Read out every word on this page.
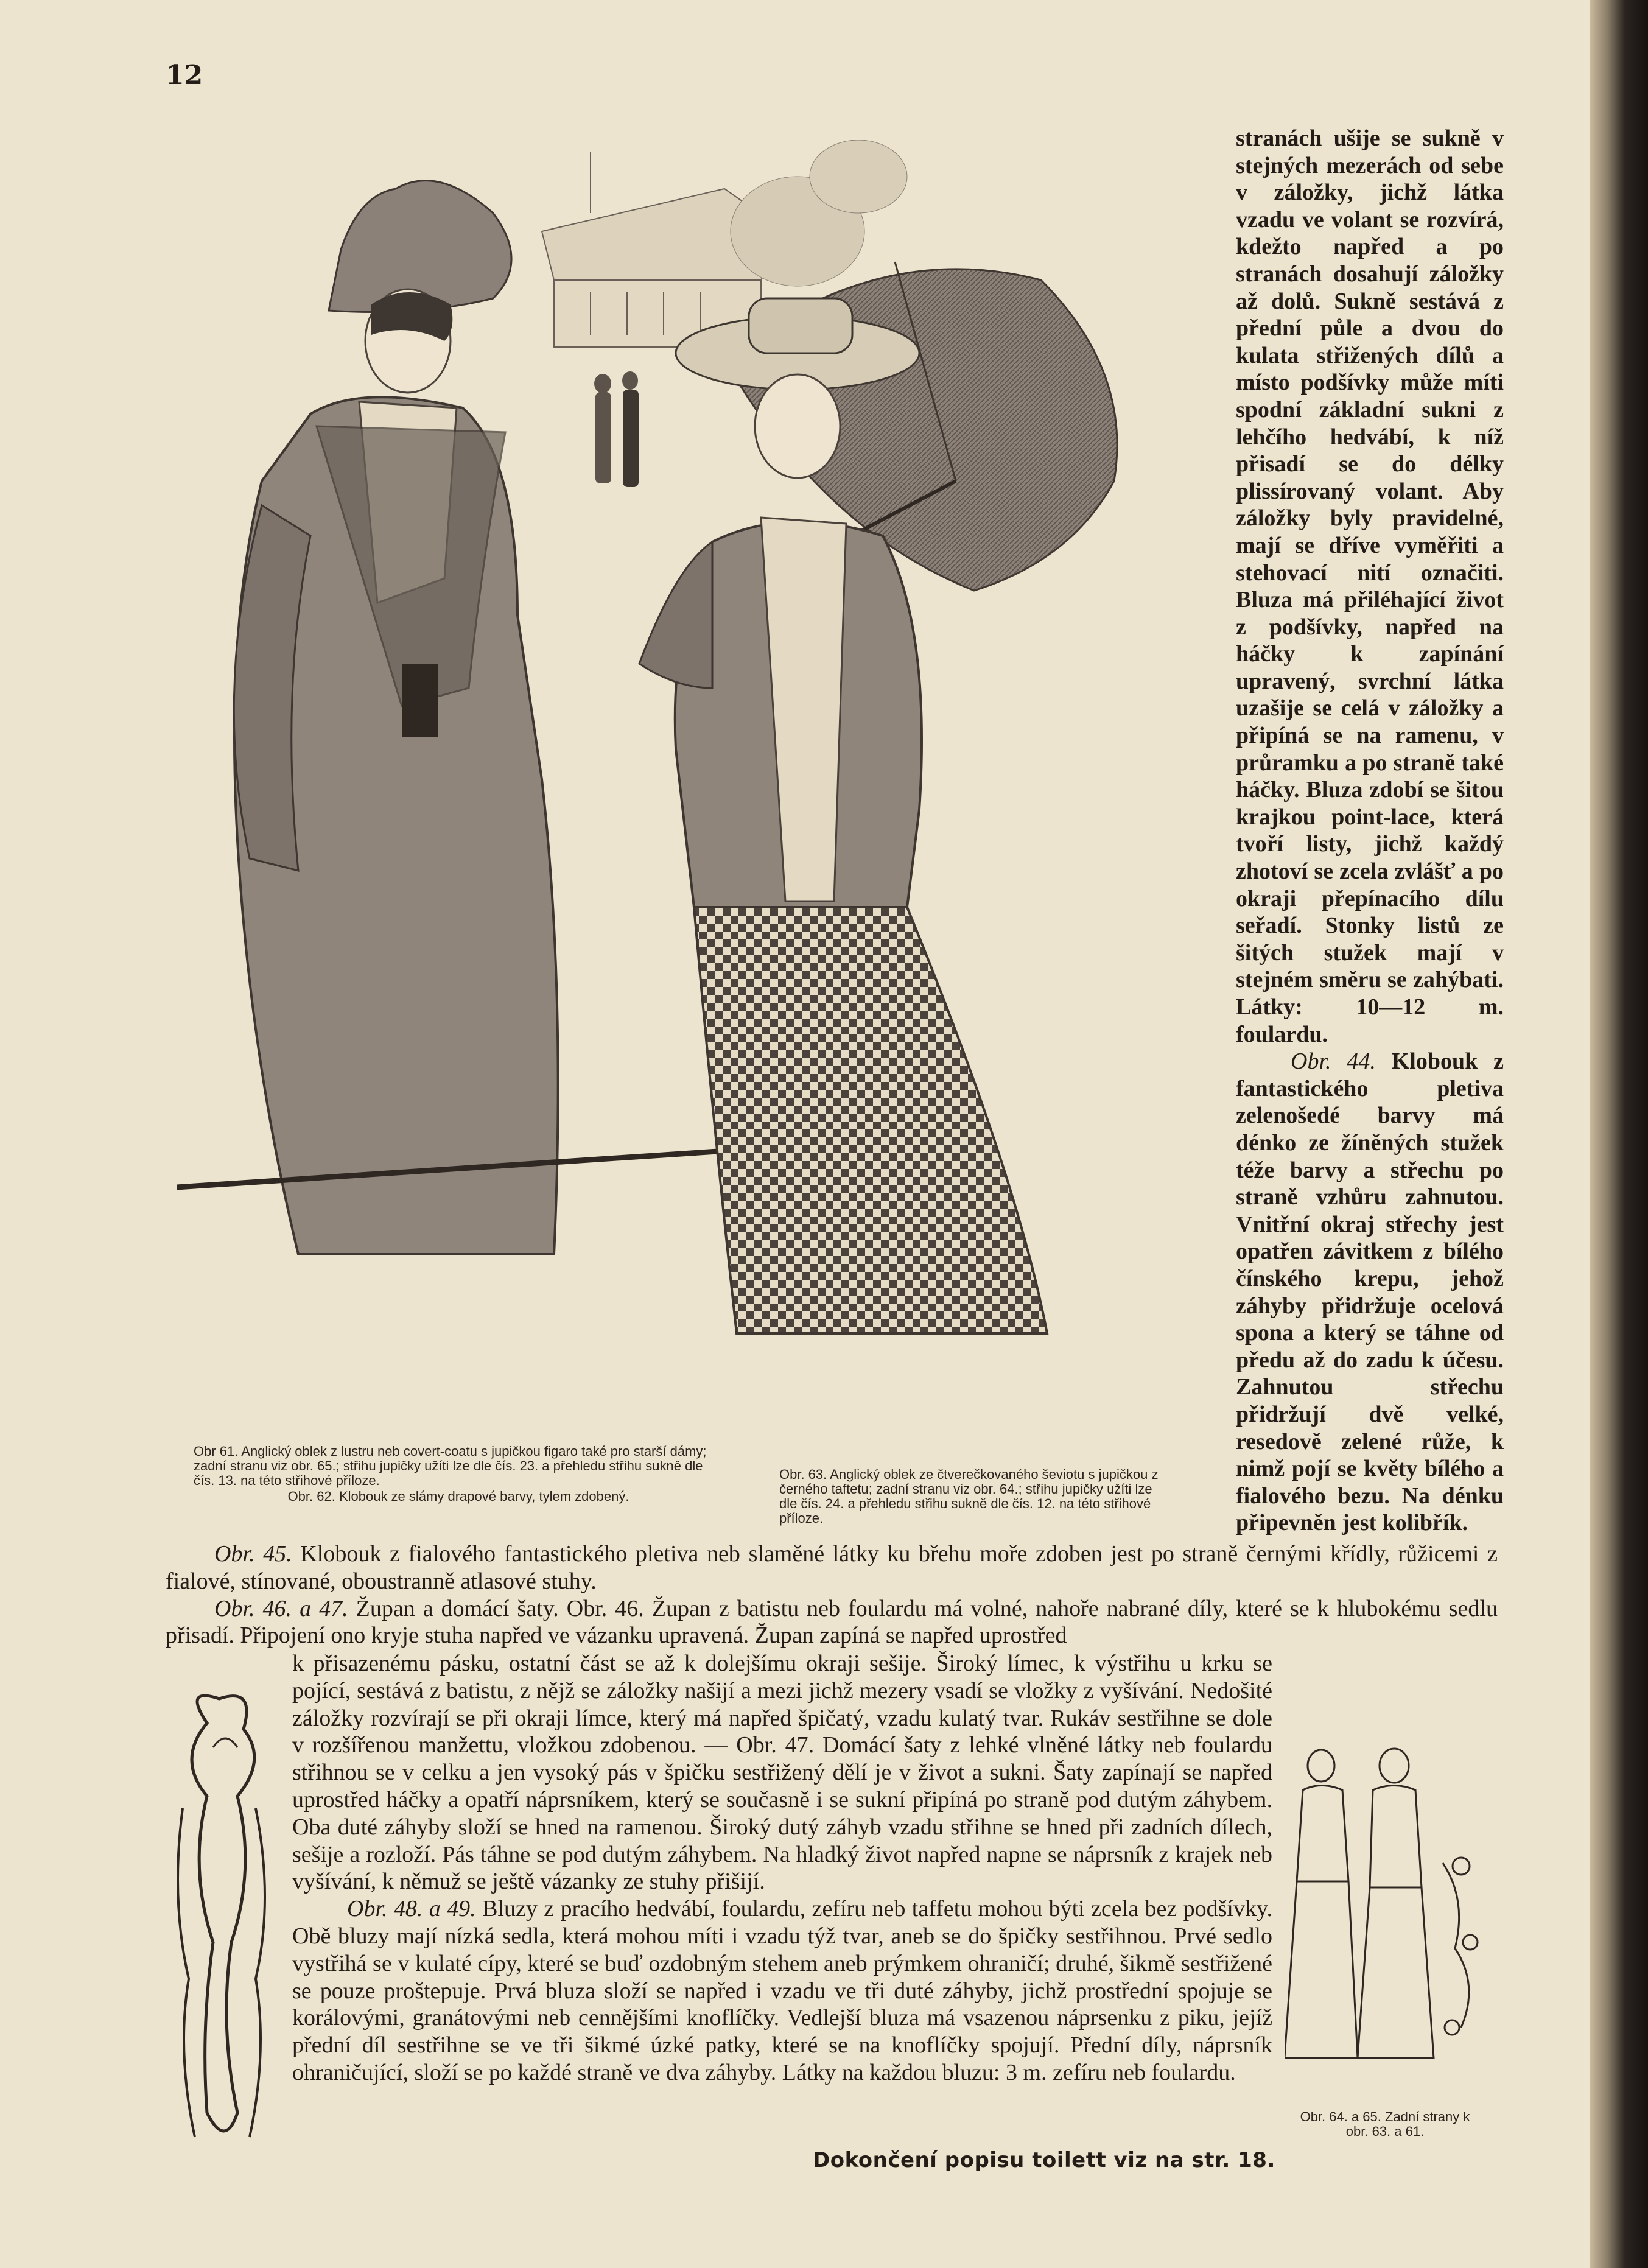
12

stranách ušije se sukně v stejných mezerách od sebe v záložky, jichž látka vzadu ve volant se rozvírá, kdežto napřed a po stranách dosahují záložky až dolů. Sukně sestává z přední půle a dvou do kulata střižených dílů a místo podšívky může míti spodní základní sukni z lehčího hedvábí, k níž přisadí se do délky plissírovaný volant. Aby záložky byly pravidelné, mají se dříve vyměřiti a stehovací nití označiti. Bluza má přiléhající život z podšívky, napřed na háčky k zapínání upravený, svrchní látka uzašije se celá v záložky a připíná se na ramenu, v průramku a po straně také háčky. Bluza zdobí se šitou krajkou point-lace, která tvoří listy, jichž každý zhotoví se zcela zvlášť a po okraji přepínacího dílu seřadí. Stonky listů ze šitých stužek mají v stejném směru se zahýbati. Látky: 10—12 m. foulardu.

Obr. 44. Klobouk z fantastického pletiva zelenošedé barvy má dénko ze žíněných stužek téže barvy a střechu po straně vzhůru zahnutou. Vnitřní okraj střechy jest opatřen závitkem z bílého čínského krepu, jehož záhyby přidržuje ocelová spona a který se táhne od předu až do zadu k účesu. Zahnutou střechu přidržují dvě velké, resedově zelené růže, k nimž pojí se květy bílého a fialového bezu. Na dénku připevněn jest kolibřík.

Obr 61. Anglický oblek z lustru neb covert-coatu s jupičkou figaro také pro starší dámy; zadní stranu viz obr. 65.; střihu jupičky užíti lze dle čís. 23. a přehledu střihu sukně dle čís. 13. na této střihové příloze.
Obr. 62. Klobouk ze slámy drapové barvy, tylem zdobený.
Obr. 63. Anglický oblek ze čtverečkovaného ševiotu s jupičkou z černého taftetu; zadní stranu viz obr. 64.; střihu jupičky užíti lze dle čís. 24. a přehledu střihu sukně dle čís. 12. na této střihové příloze.

Obr. 45. Klobouk z fialového fantastického pletiva neb slaměné látky ku břehu moře zdoben jest po straně černými křídly, růžicemi z fialové, stínované, oboustranně atlasové stuhy.

Obr. 46. a 47. Župan a domácí šaty. Obr. 46. Župan z batistu neb foulardu má volné, nahoře nabrané díly, které se k hlubokému sedlu přisadí. Připojení ono kryje stuha napřed ve vázanku upravená. Župan zapíná se napřed uprostřed

k přisazenému pásku, ostatní část se až k dolejšímu okraji sešije. Široký límec, k výstřihu u krku se pojící, sestává z batistu, z nějž se záložky našijí a mezi jichž mezery vsadí se vložky z vyšívání. Nedošité záložky rozvírají se při okraji límce, který má napřed špičatý, vzadu kulatý tvar. Rukáv sestřihne se dole v rozšířenou manžettu, vložkou zdobenou. — Obr. 47. Domácí šaty z lehké vlněné látky neb foulardu střihnou se v celku a jen vysoký pás v špičku sestřižený dělí je v život a sukni. Šaty zapínají se napřed uprostřed háčky a opatří náprsníkem, který se současně i se sukní připíná po straně pod dutým záhybem. Oba duté záhyby složí se hned na ramenou. Široký dutý záhyb vzadu střihne se hned při zadních dílech, sešije a rozloží. Pás táhne se pod dutým záhybem. Na hladký život napřed napne se náprsník z krajek neb vyšívání, k němuž se ještě vázanky ze stuhy přišijí.

Obr. 48. a 49. Bluzy z pracího hedvábí, foulardu, zefíru neb taffetu mohou býti zcela bez podšívky. Obě bluzy mají nízká sedla, která mohou míti i vzadu týž tvar, aneb se do špičky sestřihnou. Prvé sedlo vystřihá se v kulaté cípy, které se buď ozdobným stehem aneb prýmkem ohraničí; druhé, šikmě sestřižené se pouze proštepuje. Prvá bluza složí se napřed i vzadu ve tři duté záhyby, jichž prostřední spojuje se korálovými, granátovými neb cennějšími knoflíčky. Vedlejší bluza má vsazenou náprsenku z piku, jejíž přední díl sestřihne se ve tři šikmé úzké patky, které se na knoflíčky spojují. Přední díly, náprsník ohraničující, složí se po každé straně ve dva záhyby. Látky na každou bluzu: 3 m. zefíru neb foulardu.

Obr. 64. a 65. Zadní strany k obr. 63. a 61.
Dokončení popisu toilett viz na str. 18.
